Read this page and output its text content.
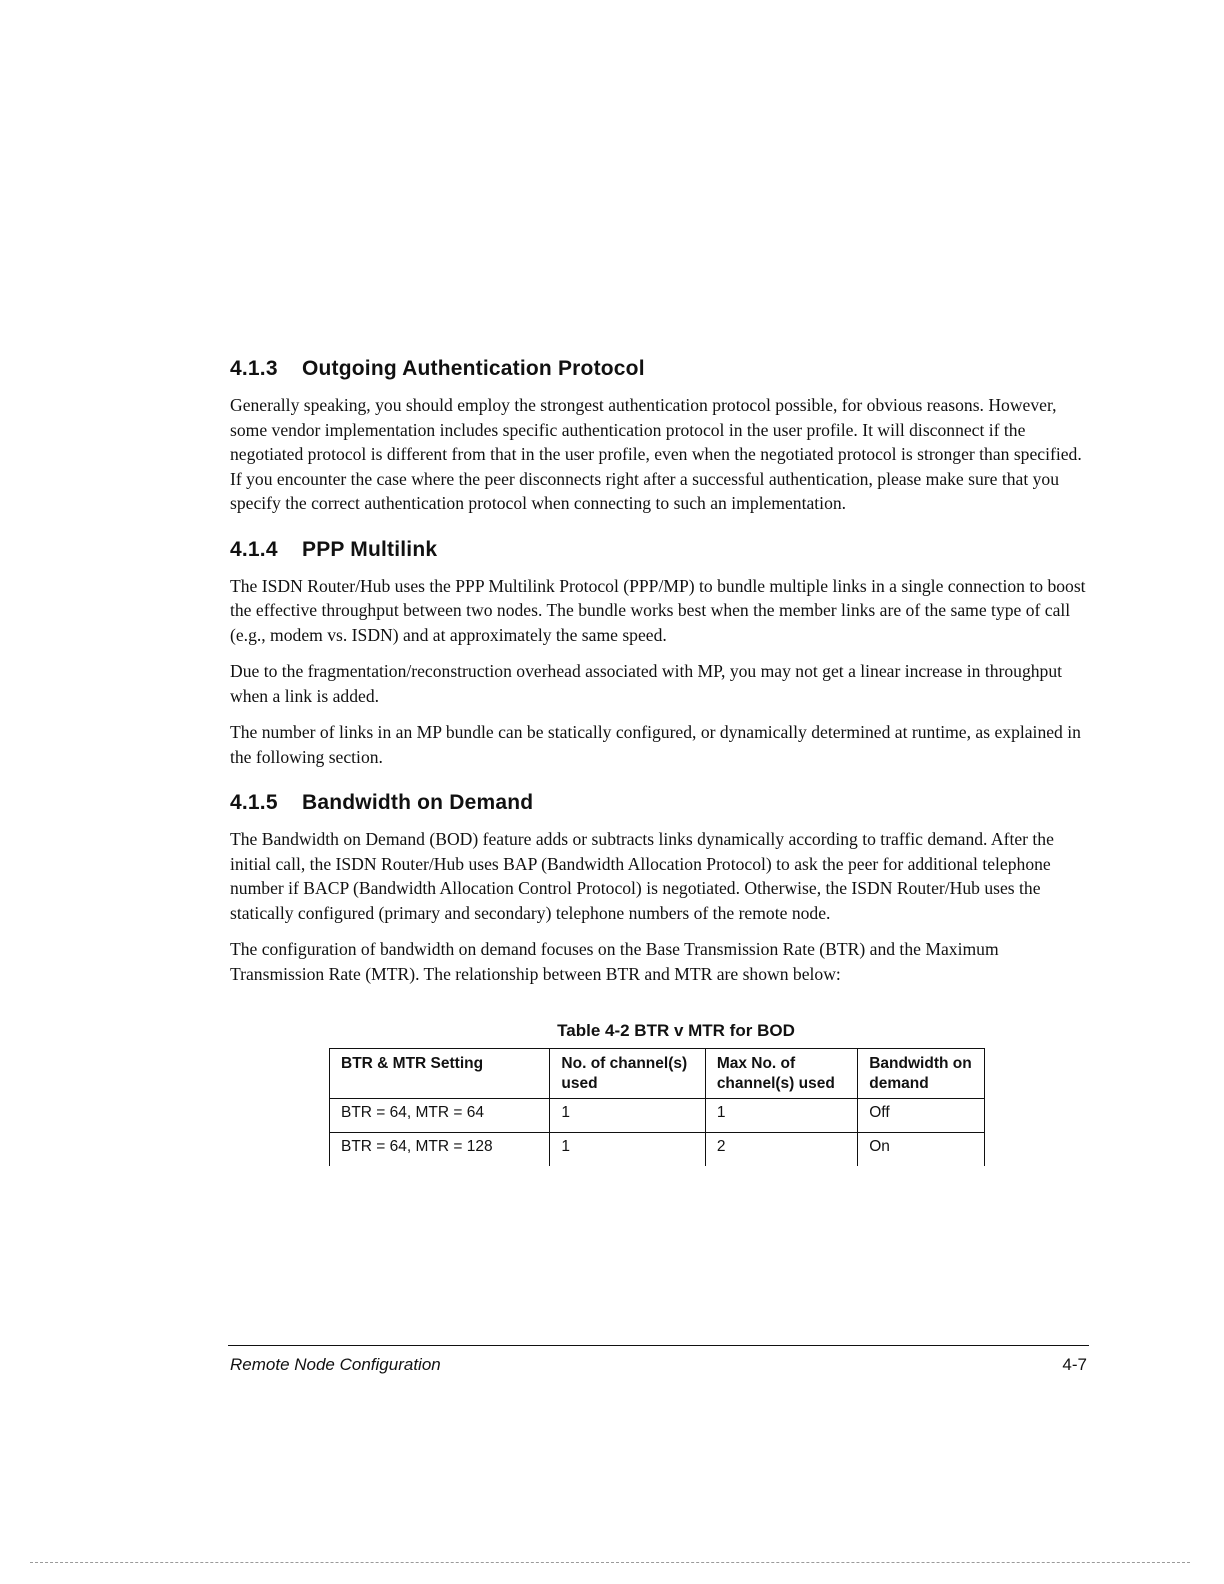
4.1.3 Outgoing Authentication Protocol

Generally speaking, you should employ the strongest authentication protocol possible, for obvious reasons. However, some vendor implementation includes specific authentication protocol in the user profile. It will disconnect if the negotiated protocol is different from that in the user profile, even when the negotiated protocol is stronger than specified. If you encounter the case where the peer disconnects right after a successful authentication, please make sure that you specify the correct authentication protocol when connecting to such an implementation.

4.1.4 PPP Multilink

The ISDN Router/Hub uses the PPP Multilink Protocol (PPP/MP) to bundle multiple links in a single connection to boost the effective throughput between two nodes. The bundle works best when the member links are of the same type of call (e.g., modem vs. ISDN) and at approximately the same speed.

Due to the fragmentation/reconstruction overhead associated with MP, you may not get a linear increase in throughput when a link is added.

The number of links in an MP bundle can be statically configured, or dynamically determined at runtime, as explained in the following section.

4.1.5 Bandwidth on Demand

The Bandwidth on Demand (BOD) feature adds or subtracts links dynamically according to traffic demand. After the initial call, the ISDN Router/Hub uses BAP (Bandwidth Allocation Protocol) to ask the peer for additional telephone number if BACP (Bandwidth Allocation Control Protocol) is negotiated. Otherwise, the ISDN Router/Hub uses the statically configured (primary and secondary) telephone numbers of the remote node.

The configuration of bandwidth on demand focuses on the Base Transmission Rate (BTR) and the Maximum Transmission Rate (MTR). The relationship between BTR and MTR are shown below:

Table 4-2 BTR v MTR for BOD
BTR & MTR Setting	No. of channel(s) used	Max No. of channel(s) used	Bandwidth on demand
BTR = 64, MTR = 64	1	1	Off
BTR = 64, MTR = 128	1	2	On
Remote Node Configuration	4-7
